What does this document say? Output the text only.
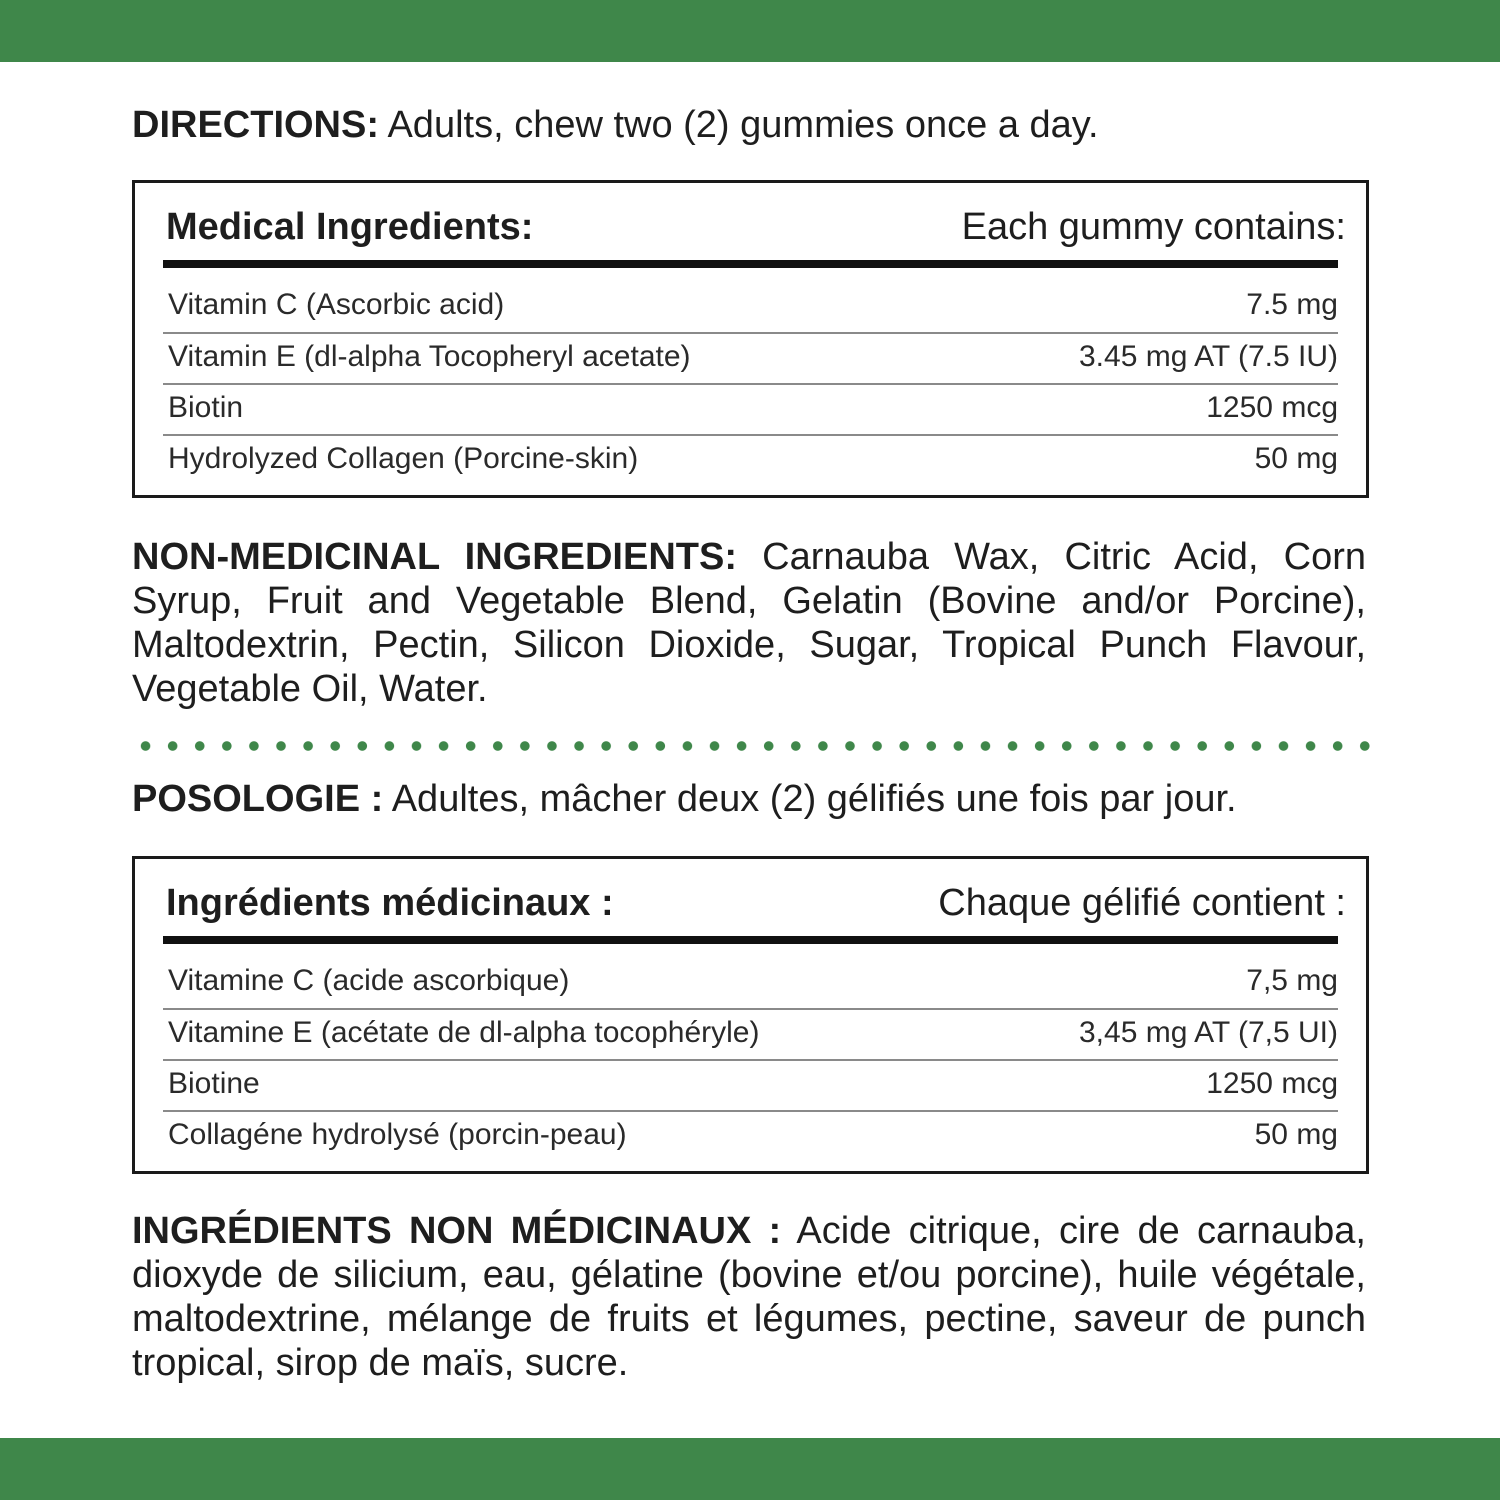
DIRECTIONS: Adults, chew two (2) gummies once a day.
Medical Ingredients:	Each gummy contains:
Vitamin C (Ascorbic acid)	7.5 mg
Vitamin E (dl-alpha Tocopheryl acetate)	3.45 mg AT (7.5 IU)
Biotin	1250 mcg
Hydrolyzed Collagen (Porcine-skin)	50 mg
NON-MEDICINAL INGREDIENTS: Carnauba Wax, Citric Acid, Corn Syrup, Fruit and Vegetable Blend, Gelatin (Bovine and/or Porcine), Maltodextrin, Pectin, Silicon Dioxide, Sugar, Tropical Punch Flavour, Vegetable Oil, Water.
POSOLOGIE : Adultes, mâcher deux (2) gélifiés une fois par jour.
Ingrédients médicinaux :	Chaque gélifié contient :
Vitamine C (acide ascorbique)	7,5 mg
Vitamine E (acétate de dl-alpha tocophéryle)	3,45 mg AT (7,5 UI)
Biotine	1250 mcg
Collagéne hydrolysé (porcin-peau)	50 mg
INGRÉDIENTS NON MÉDICINAUX : Acide citrique, cire de carnauba, dioxyde de silicium, eau, gélatine (bovine et/ou porcine), huile végétale, maltodextrine, mélange de fruits et légumes, pectine, saveur de punch tropical, sirop de maïs, sucre.
